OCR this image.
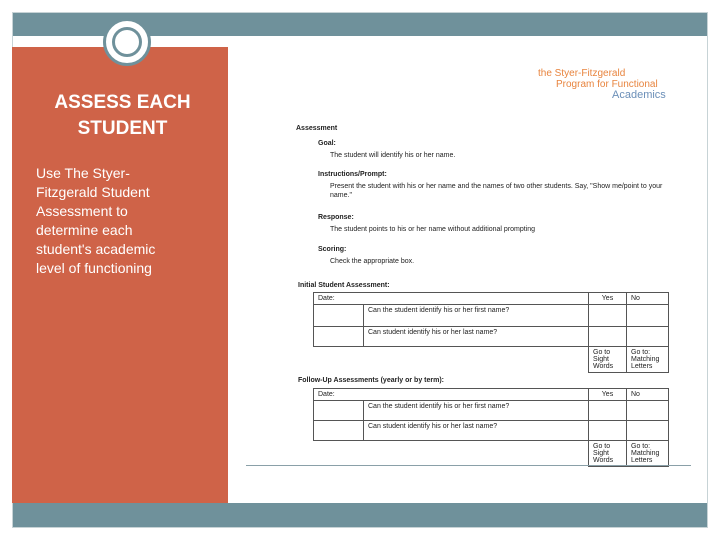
ASSESS EACH STUDENT
Use The Styer-Fitzgerald Student Assessment to determine each student's academic level of functioning
the Styer-Fitzgerald
Program for Functional
Academics
Assessment
Goal:
The student will identify his or her name.
Instructions/Prompt:
Present the student with his or her name and the names of two other students. Say, "Show me/point to your name."
Response:
The student points to his or her name without additional prompting
Scoring:
Check the appropriate box.
Initial Student Assessment:
Follow-Up Assessments (yearly or by term):
Date:		Yes	No
	Can the student identify his or her first name?		
	Can student identify his or her last name?		
		Go to Sight Words	Go to: Matching Letters
Date:		Yes	No
	Can the student identify his or her first name?		
	Can student identify his or her last name?		
		Go to Sight Words	Go to: Matching Letters
